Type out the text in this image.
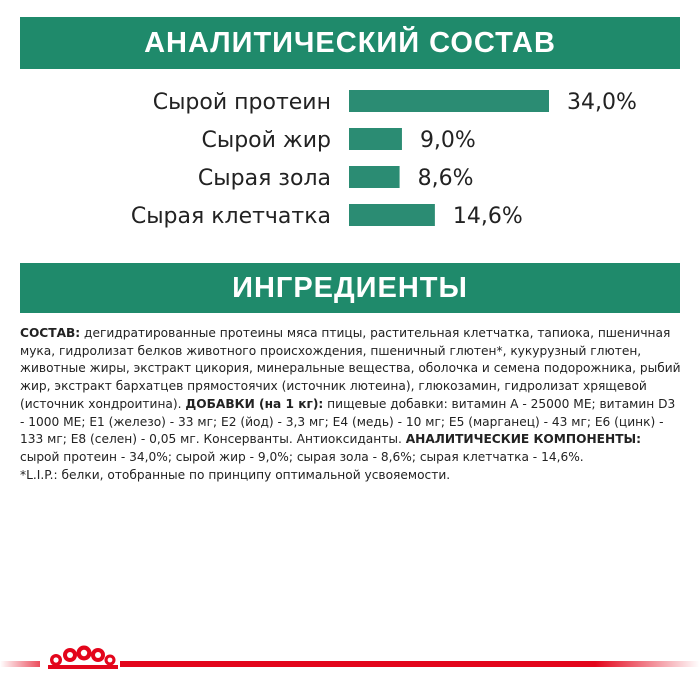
АНАЛИТИЧЕСКИЙ СОСТАВ
Сырой протеин	34,0%
Сырой жир	9,0%
Сырая зола	8,6%
Сырая клетчатка	14,6%
ИНГРЕДИЕНТЫ

СОСТАВ: дегидратированные протеины мяса птицы, растительная клетчатка, тапиока, пшеничная мука, гидролизат белков животного происхождения, пшеничный глютен*, кукурузный глютен, животные жиры, экстракт цикория, минеральные вещества, оболочка и семена подорожника, рыбий жир, экстракт бархатцев прямостоячих (источник лютеина), глюкозамин, гидролизат хрящевой (источник хондроитина). ДОБАВКИ (на 1 кг): пищевые добавки: витамин A - 25000 МЕ; витамин D3 - 1000 МЕ; E1 (железо) - 33 мг; E2 (йод) - 3,3 мг; E4 (медь) - 10 мг; E5 (марганец) - 43 мг; E6 (цинк) - 133 мг; E8 (селен) - 0,05 мг. Консерванты. Антиоксиданты. АНАЛИТИЧЕСКИЕ КОМПОНЕНТЫ: сырой протеин - 34,0%; сырой жир - 9,0%; сырая зола - 8,6%; сырая клетчатка - 14,6%.

*L.I.P.: белки, отобранные по принципу оптимальной усвояемости.
